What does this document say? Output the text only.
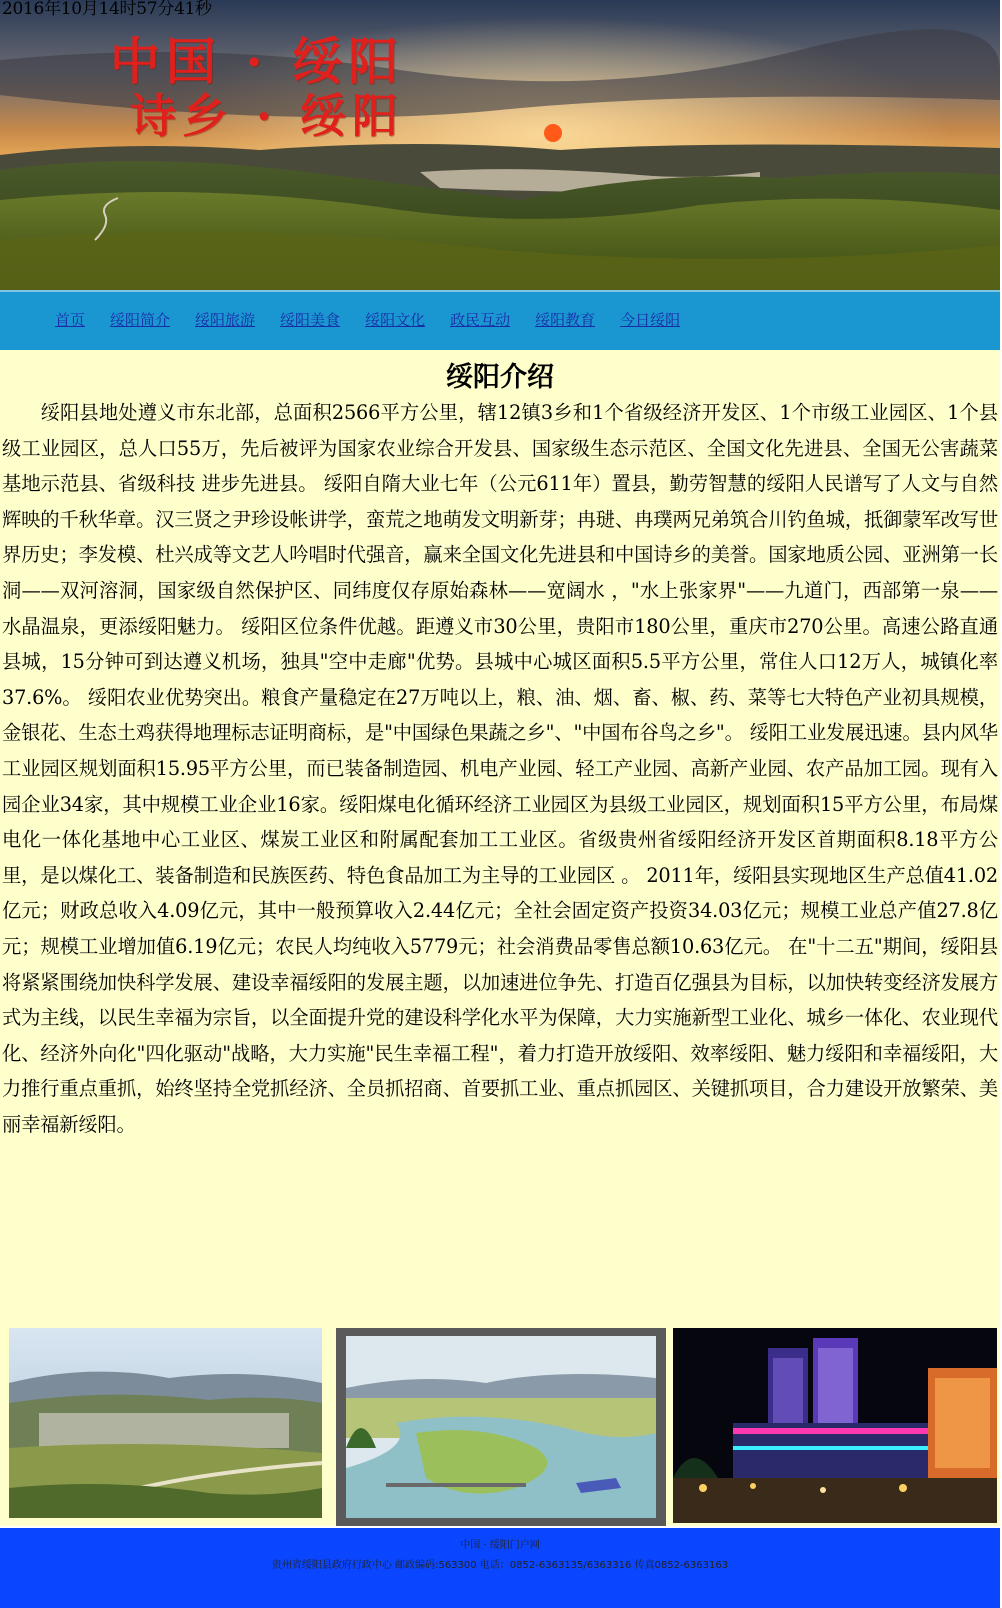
2016年10月14时57分41秒
中国 · 绥阳
诗乡 · 绥阳
首页 绥阳简介 绥阳旅游 绥阳美食 绥阳文化 政民互动 绥阳教育 今日绥阳
绥阳介绍

绥阳县地处遵义市东北部，总面积2566平方公里，辖12镇3乡和1个省级经济开发区、1个市级工业园区、1个县级工业园区，总人口55万，先后被评为国家农业综合开发县、国家级生态示范区、全国文化先进县、全国无公害蔬菜基地示范县、省级科技 进步先进县。 绥阳自隋大业七年（公元611年）置县，勤劳智慧的绥阳人民谱写了人文与自然辉映的千秋华章。汉三贤之尹珍设帐讲学，蛮荒之地萌发文明新芽；冉琎、冉璞两兄弟筑合川钓鱼城，抵御蒙军改写世界历史；李发模、杜兴成等文艺人吟唱时代强音，赢来全国文化先进县和中国诗乡的美誉。国家地质公园、亚洲第一长洞——双河溶洞，国家级自然保护区、同纬度仅存原始森林——宽阔水 ，"水上张家界"——九道门，西部第一泉——水晶温泉，更添绥阳魅力。 绥阳区位条件优越。距遵义市30公里，贵阳市180公里，重庆市270公里。高速公路直通县城，15分钟可到达遵义机场，独具"空中走廊"优势。县城中心城区面积5.5平方公里，常住人口12万人，城镇化率37.6%。 绥阳农业优势突出。粮食产量稳定在27万吨以上，粮、油、烟、畜、椒、药、菜等七大特色产业初具规模，金银花、生态土鸡获得地理标志证明商标，是"中国绿色果蔬之乡"、"中国布谷鸟之乡"。 绥阳工业发展迅速。县内风华工业园区规划面积15.95平方公里，而已装备制造园、机电产业园、轻工产业园、高新产业园、农产品加工园。现有入园企业34家，其中规模工业企业16家。绥阳煤电化循环经济工业园区为县级工业园区，规划面积15平方公里，布局煤电化一体化基地中心工业区、煤炭工业区和附属配套加工工业区。省级贵州省绥阳经济开发区首期面积8.18平方公里，是以煤化工、装备制造和民族医药、特色食品加工为主导的工业园区 。 2011年，绥阳县实现地区生产总值41.02亿元；财政总收入4.09亿元，其中一般预算收入2.44亿元；全社会固定资产投资34.03亿元；规模工业总产值27.8亿元；规模工业增加值6.19亿元；农民人均纯收入5779元；社会消费品零售总额10.63亿元。 在"十二五"期间，绥阳县将紧紧围绕加快科学发展、建设幸福绥阳的发展主题，以加速进位争先、打造百亿强县为目标，以加快转变经济发展方式为主线，以民生幸福为宗旨，以全面提升党的建设科学化水平为保障，大力实施新型工业化、城乡一体化、农业现代化、经济外向化"四化驱动"战略，大力实施"民生幸福工程"，着力打造开放绥阳、效率绥阳、魅力绥阳和幸福绥阳，大力推行重点重抓，始终坚持全党抓经济、全员抓招商、首要抓工业、重点抓园区、关键抓项目，合力建设开放繁荣、美丽幸福新绥阳。

中国 · 绥阳门户网
贵州省绥阳县政府行政中心 邮政编码:563300 电话：0852-6363135/6363316 传真0852-6363163
